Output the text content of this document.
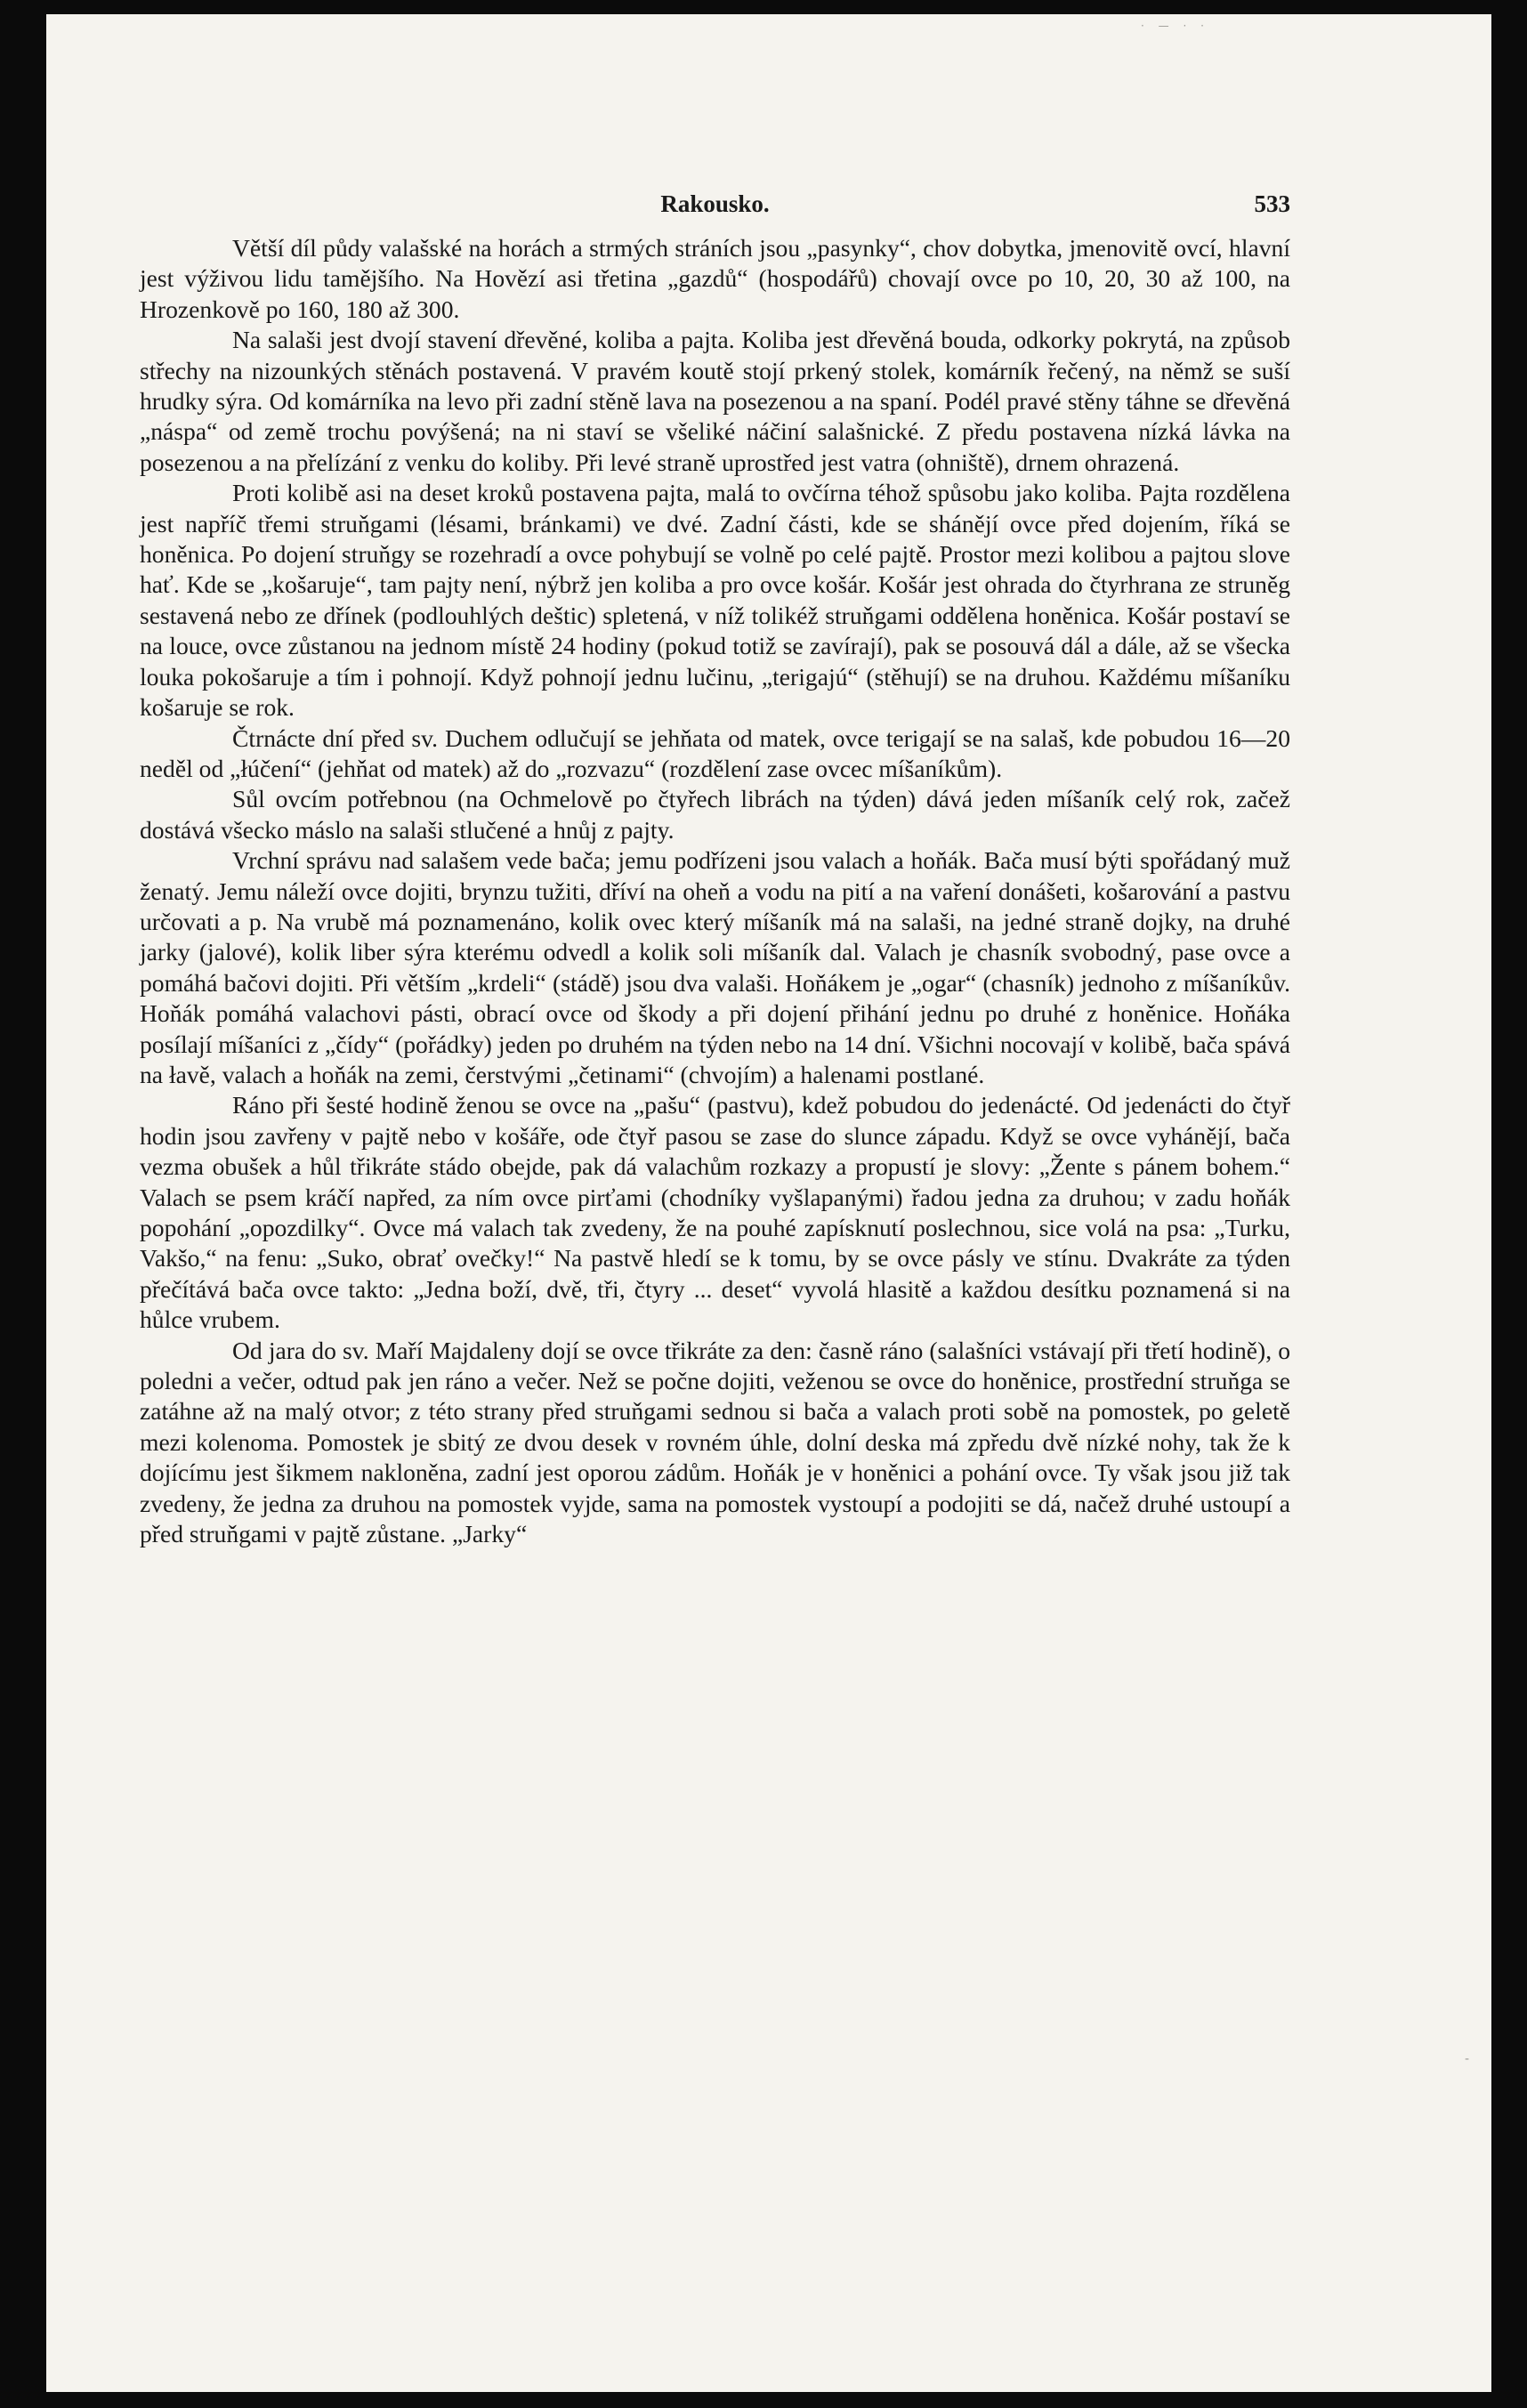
· — · ·
-
Rakousko.	533

Větší díl půdy valašské na horách a strmých stráních jsou „pasynky“, chov dobytka, jmenovitě ovcí, hlavní jest výživou lidu tamějšího. Na Hovězí asi třetina „gazdů“ (hospodářů) chovají ovce po 10, 20, 30 až 100, na Hrozenkově po 160, 180 až 300.

Na salaši jest dvojí stavení dřevěné, koliba a pajta. Koliba jest dřevěná bouda, odkorky pokrytá, na způsob střechy na nizounkých stěnách postavená. V pravém koutě stojí prkený stolek, komárník řečený, na němž se suší hrudky sýra. Od komárníka na levo při zadní stěně lava na posezenou a na spaní. Podél pravé stěny táhne se dřevěná „náspa“ od země trochu povýšená; na ni staví se všeliké náčiní salašnické. Z předu postavena nízká lávka na posezenou a na přelízání z venku do koliby. Při levé straně uprostřed jest vatra (ohniště), drnem ohrazená.

Proti kolibě asi na deset kroků postavena pajta, malá to ovčírna téhož spůsobu jako koliba. Pajta rozdělena jest napříč třemi struňgami (lésami, bránkami) ve dvé. Zadní části, kde se shánějí ovce před dojením, říká se honěnica. Po dojení struňgy se rozehradí a ovce pohybují se volně po celé pajtě. Prostor mezi kolibou a pajtou slove hať. Kde se „košaruje“, tam pajty není, nýbrž jen koliba a pro ovce košár. Košár jest ohrada do čtyrhrana ze struněg sestavená nebo ze dřínek (podlouhlých deštic) spletená, v níž tolikéž struňgami oddělena honěnica. Košár postaví se na louce, ovce zůstanou na jednom místě 24 hodiny (pokud totiž se zavírají), pak se posouvá dál a dále, až se všecka louka pokošaruje a tím i pohnojí. Když pohnojí jednu lučinu, „terigajú“ (stěhují) se na druhou. Každému míšaníku košaruje se rok.

Čtrnácte dní před sv. Duchem odlučují se jehňata od matek, ovce terigají se na salaš, kde pobudou 16—20 neděl od „łúčení“ (jehňat od matek) až do „rozvazu“ (rozdělení zase ovcec míšaníkům).

Sůl ovcím potřebnou (na Ochmelově po čtyřech librách na týden) dává jeden míšaník celý rok, začež dostává všecko máslo na salaši stlučené a hnůj z pajty.

Vrchní správu nad salašem vede bača; jemu podřízeni jsou valach a hoňák. Bača musí býti spořádaný muž ženatý. Jemu náleží ovce dojiti, brynzu tužiti, dříví na oheň a vodu na pití a na vaření donášeti, košarování a pastvu určovati a p. Na vrubě má poznamenáno, kolik ovec který míšaník má na salaši, na jedné straně dojky, na druhé jarky (jalové), kolik liber sýra kterému odvedl a kolik soli míšaník dal. Valach je chasník svobodný, pase ovce a pomáhá bačovi dojiti. Při větším „krdeli“ (stádě) jsou dva valaši. Hoňákem je „ogar“ (chasník) jednoho z míšaníkův. Hoňák pomáhá valachovi pásti, obrací ovce od škody a při dojení přihání jednu po druhé z honěnice. Hoňáka posílají míšaníci z „čídy“ (pořádky) jeden po druhém na týden nebo na 14 dní. Všichni nocovají v kolibě, bača spává na łavě, valach a hoňák na zemi, čerstvými „četinami“ (chvojím) a halenami postlané.

Ráno při šesté hodině ženou se ovce na „pašu“ (pastvu), kdež pobudou do jedenácté. Od jedenácti do čtyř hodin jsou zavřeny v pajtě nebo v košáře, ode čtyř pasou se zase do slunce západu. Když se ovce vyhánějí, bača vezma obušek a hůl třikráte stádo obejde, pak dá valachům rozkazy a propustí je slovy: „Žente s pánem bohem.“ Valach se psem kráčí napřed, za ním ovce pirťami (chodníky vyšlapanými) řadou jedna za druhou; v zadu hoňák popohání „opozdilky“. Ovce má valach tak zvedeny, že na pouhé zapísknutí poslechnou, sice volá na psa: „Turku, Vakšo,“ na fenu: „Suko, obrať ovečky!“ Na pastvě hledí se k tomu, by se ovce pásly ve stínu. Dvakráte za týden přečítává bača ovce takto: „Jedna boží, dvě, tři, čtyry ... deset“ vyvolá hlasitě a každou desítku poznamená si na hůlce vrubem.

Od jara do sv. Maří Majdaleny dojí se ovce třikráte za den: časně ráno (salašníci vstávají při třetí hodině), o poledni a večer, odtud pak jen ráno a večer. Než se počne dojiti, veženou se ovce do honěnice, prostřední struňga se zatáhne až na malý otvor; z této strany před struňgami sednou si bača a valach proti sobě na pomostek, po geletě mezi kolenoma. Pomostek je sbitý ze dvou desek v rovném úhle, dolní deska má zpředu dvě nízké nohy, tak že k dojícímu jest šikmem nakloněna, zadní jest oporou zádům. Hoňák je v honěnici a pohání ovce. Ty však jsou již tak zvedeny, že jedna za druhou na pomostek vyjde, sama na pomostek vystoupí a podojiti se dá, načež druhé ustoupí a před struňgami v pajtě zůstane. „Jarky“
